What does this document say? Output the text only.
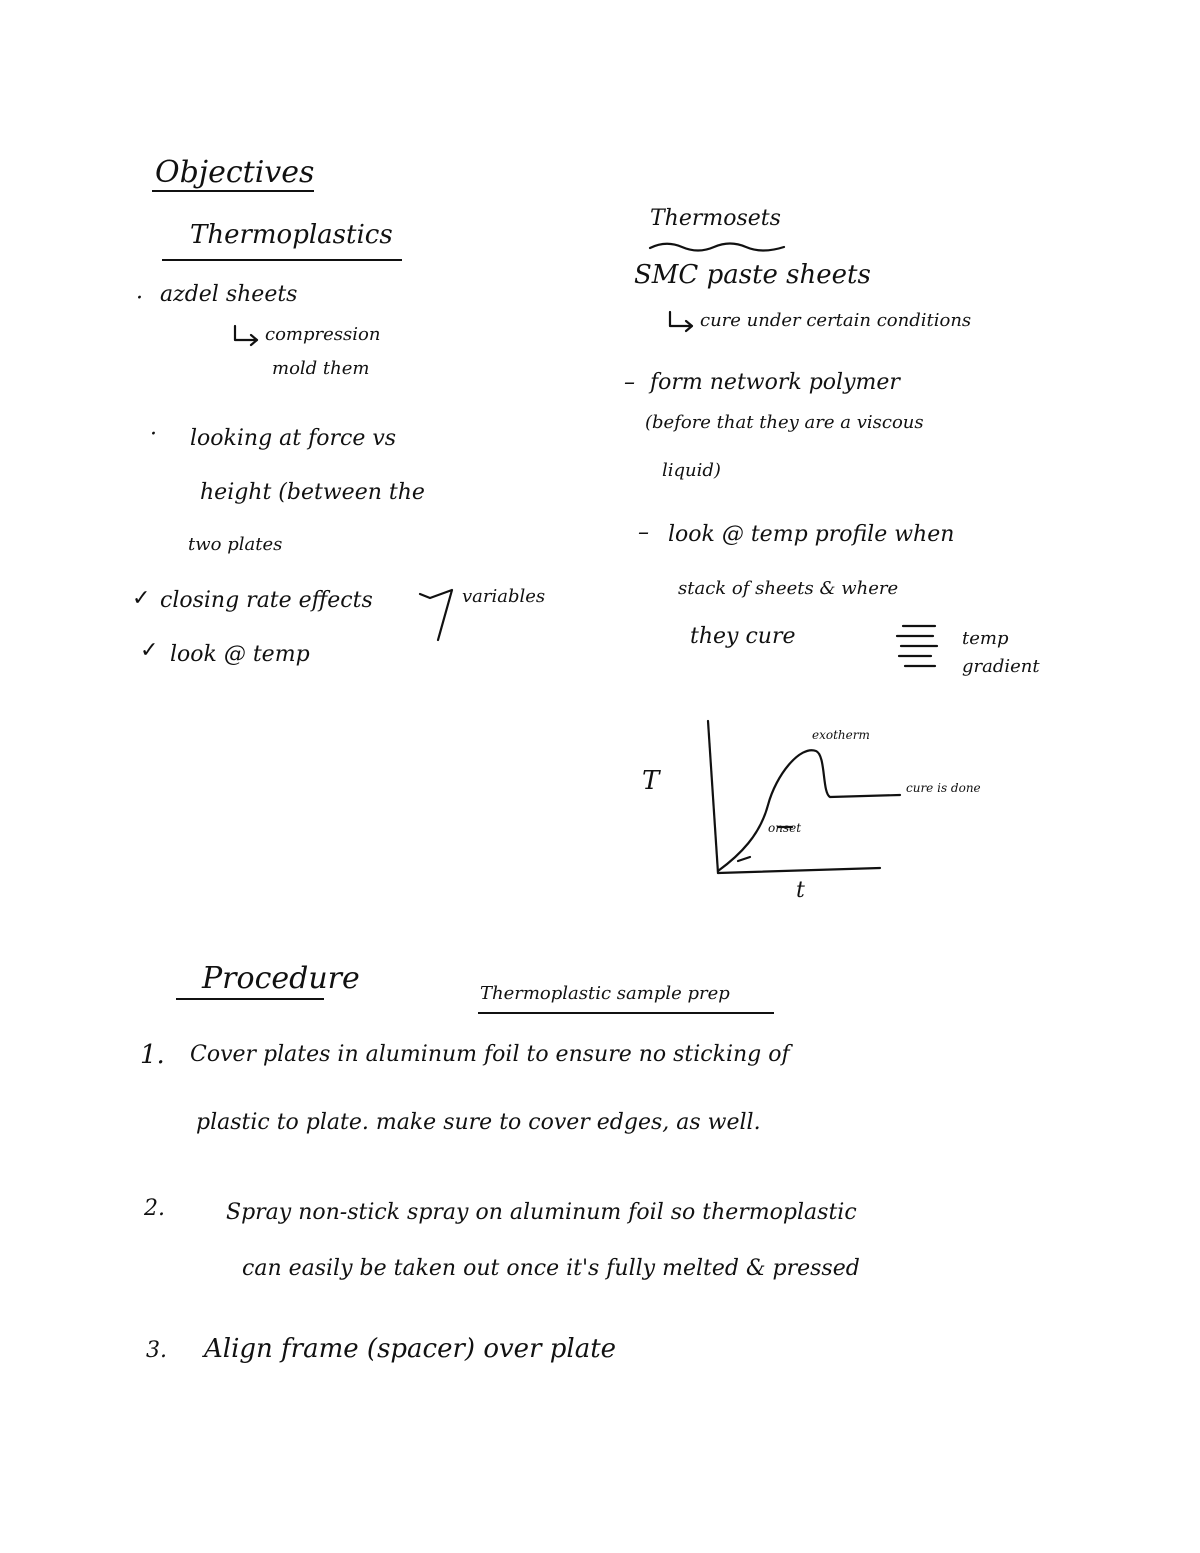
Objectives
Thermoplastics
· azdel sheets
compression
mold them
· looking at force vs
height (between the
two plates
✓ closing rate effects	variables
✓ look @ temp
Thermosets
SMC paste sheets
cure under certain conditions
– form network polymer
(before that they are a viscous
liquid)
– look @ temp profile when
stack of sheets & where
they cure	temp
gradient
T
exotherm
cure is done
onset
t
Procedure	Thermoplastic sample prep
1. Cover plates in aluminum foil to ensure no sticking of
plastic to plate. make sure to cover edges, as well.
2.	Spray non-stick spray on aluminum foil so thermoplastic
can easily be taken out once it's fully melted & pressed
3. Align frame (spacer) over plate
